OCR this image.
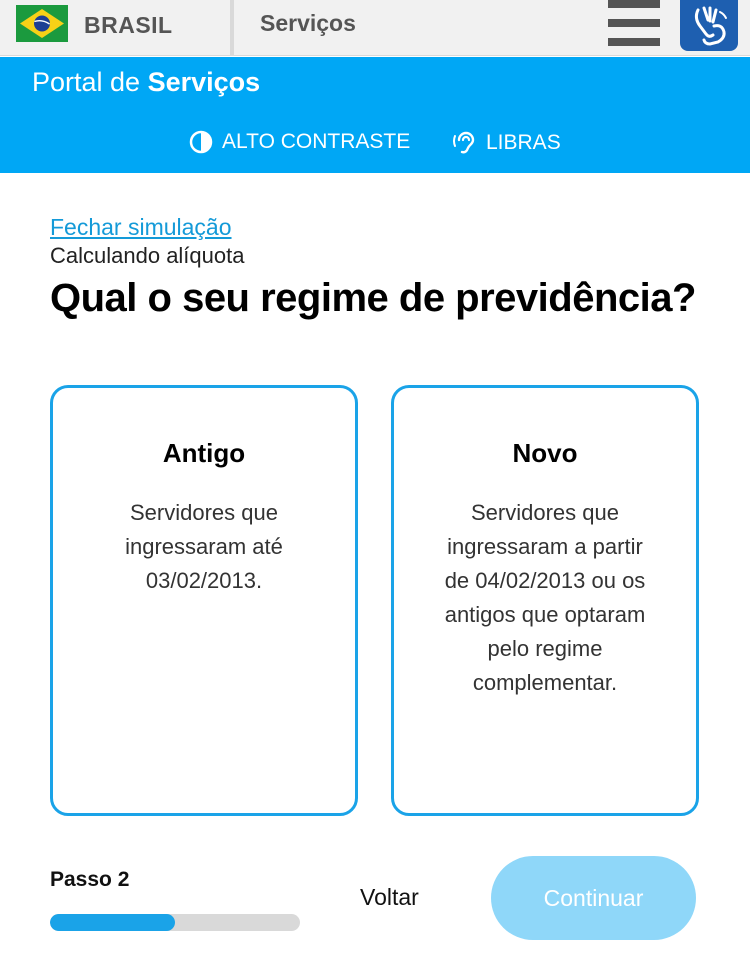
BRASIL	Serviços
Portal de Serviços
ALTO CONTRASTE	LIBRAS
Fechar simulação
Calculando alíquota
Qual o seu regime de previdência?
Antigo

Servidores que ingressaram até 03/02/2013.

Novo

Servidores que ingressaram a partir de 04/02/2013 ou os antigos que optaram pelo regime complementar.

Passo 2
Voltar	Continuar
